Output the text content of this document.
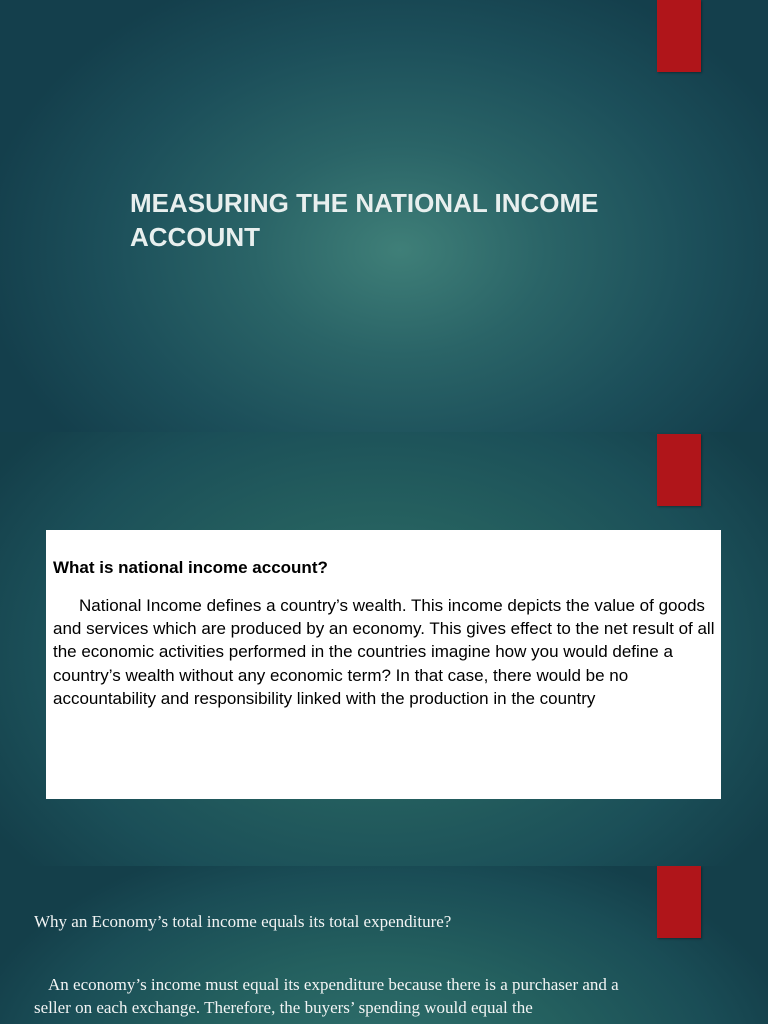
MEASURING THE NATIONAL INCOME ACCOUNT
What is national income account?
National Income defines a country’s wealth. This income depicts the value of goods and services which are produced by an economy. This gives effect to the net result of all the economic activities performed in the countries imagine how you would define a country’s wealth without any economic term? In that case, there would be no accountability and responsibility linked with the production in the country
Why an Economy’s total income equals its total expenditure?
An economy’s income must equal its expenditure because there is a purchaser and a seller on each exchange. Therefore, the buyers’ spending would equal the
